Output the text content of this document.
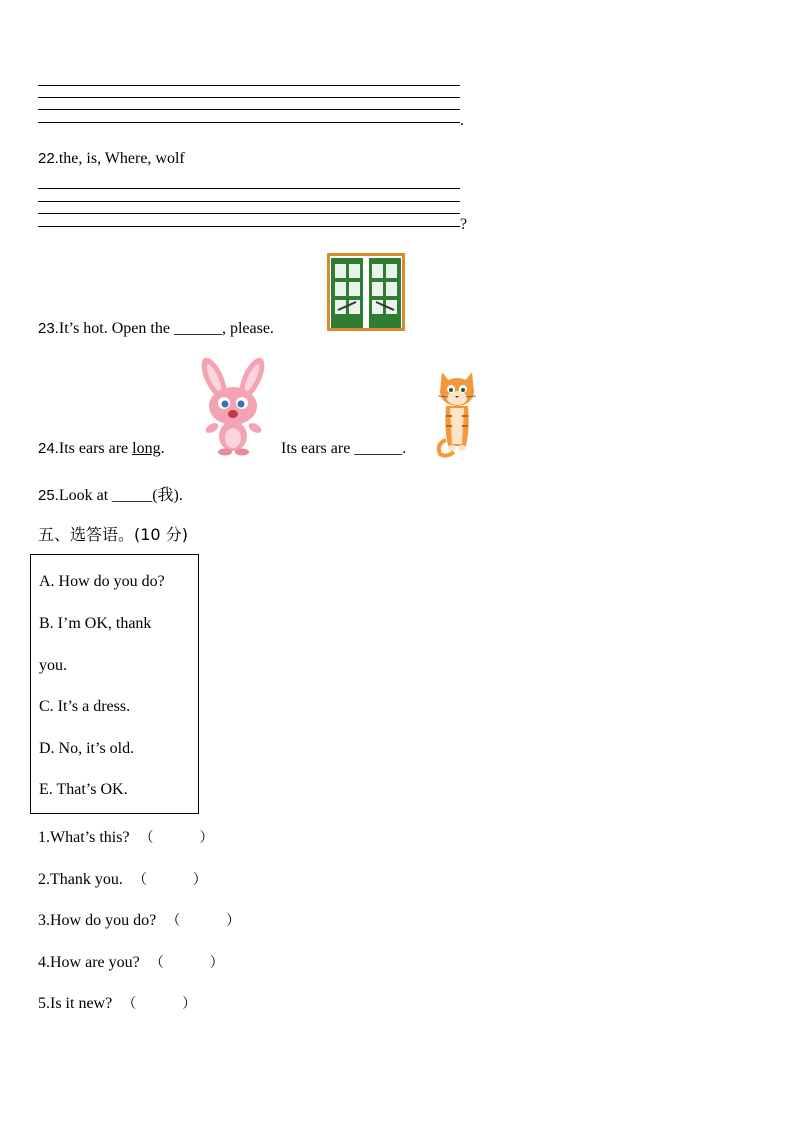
.
22.the, is, Where, wolf
?
23.It’s hot. Open the ______, please.
24.Its ears are long.	Its ears are ______.
25.Look at _____(我).
五、选答语。(10 分)
A. How do you do?
B. I’m OK, thank
you.
C. It’s a dress.
D. No, it’s old.
E. That’s OK.
1.What’s this? （	）
2.Thank you. （	）
3.How do you do? （	）
4.How are you? （	）
5.Is it new? （	）
